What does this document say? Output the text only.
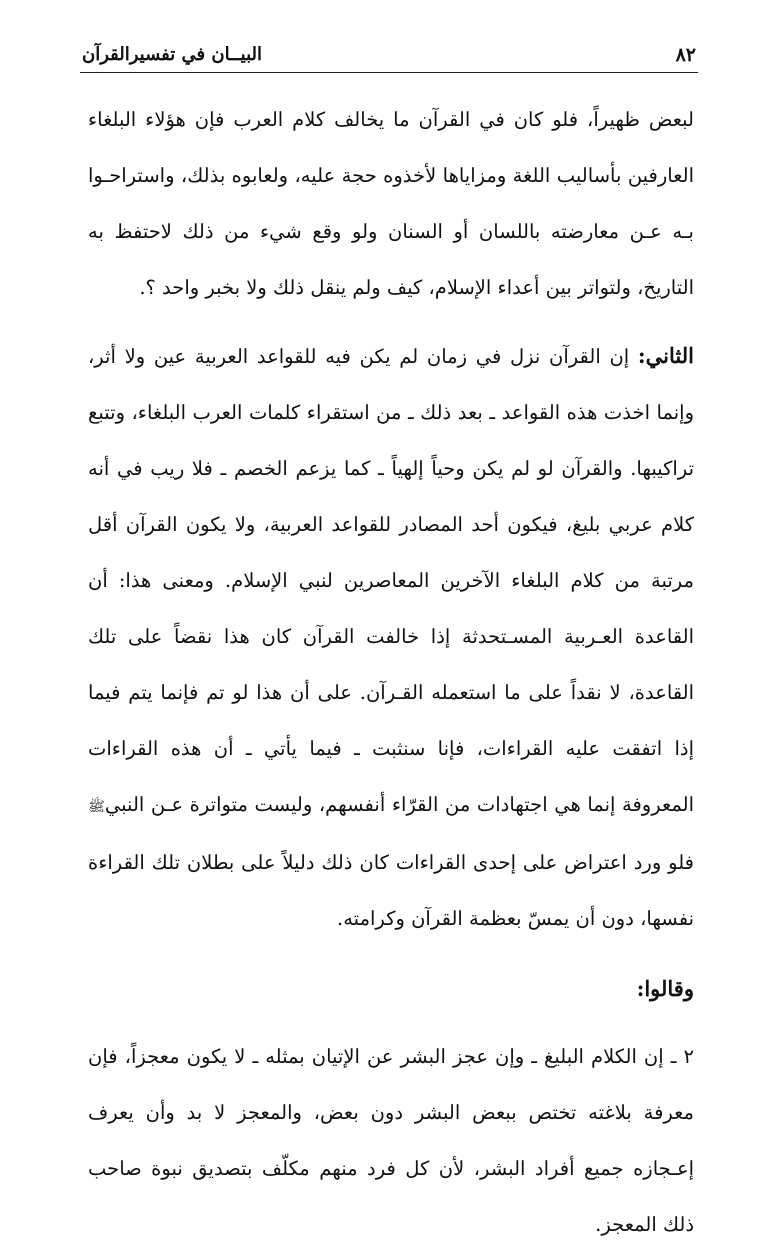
٨٢
البيــان في تفسيرالقرآن

لبعض ظهيراً، فلو كان في القرآن ما يخالف كلام العرب فإن هؤلاء البلغاء العارفين بأساليب اللغة ومزاياها لأخذوه حجة عليه، ولعابوه بذلك، واستراحـوا بـه عـن معارضته باللسان أو السنان ولو وقع شيء من ذلك لاحتفظ به التاريخ، ولتواتر بين أعداء الإسلام، كيف ولم ينقل ذلك ولا بخبر واحد ؟.

الثاني: إن القرآن نزل في زمان لم يكن فيه للقواعد العربية عين ولا أثر، وإنما اخذت هذه القواعد ـ بعد ذلك ـ من استقراء كلمات العرب البلغاء، وتتبع تراكيبها. والقرآن لو لم يكن وحياً إلهياً ـ كما يزعم الخصم ـ فلا ريب في أنه كلام عربي بليغ، فيكون أحد المصادر للقواعد العربية، ولا يكون القرآن أقل مرتبة من كلام البلغاء الآخرين المعاصرين لنبي الإسلام. ومعنى هذا: أن القاعدة العـربية المسـتحدثة إذا خالفت القرآن كان هذا نقضاً على تلك القاعدة، لا نقداً على ما استعمله القـرآن. على أن هذا لو تم فإنما يتم فيما إذا اتفقت عليه القراءات، فإنا سنثبت ـ فيما يأتي ـ أن هذه القراءات المعروفة إنما هي اجتهادات من القرّاء أنفسهم، وليست متواترة عـن النبيﷺ فلو ورد اعتراض على إحدى القراءات كان ذلك دليلاً على بطلان تلك القراءة نفسها، دون أن يمسّ بعظمة القرآن وكرامته.

وقالوا:

٢ ـ إن الكلام البليغ ـ وإن عجز البشر عن الإتيان بمثله ـ لا يكون معجزاً، فإن معرفة بلاغته تختص ببعض البشر دون بعض، والمعجز لا بد وأن يعرف إعـجازه جميع أفراد البشر، لأن كل فرد منهم مكلّف بتصديق نبوة صاحب ذلك المعجز.
